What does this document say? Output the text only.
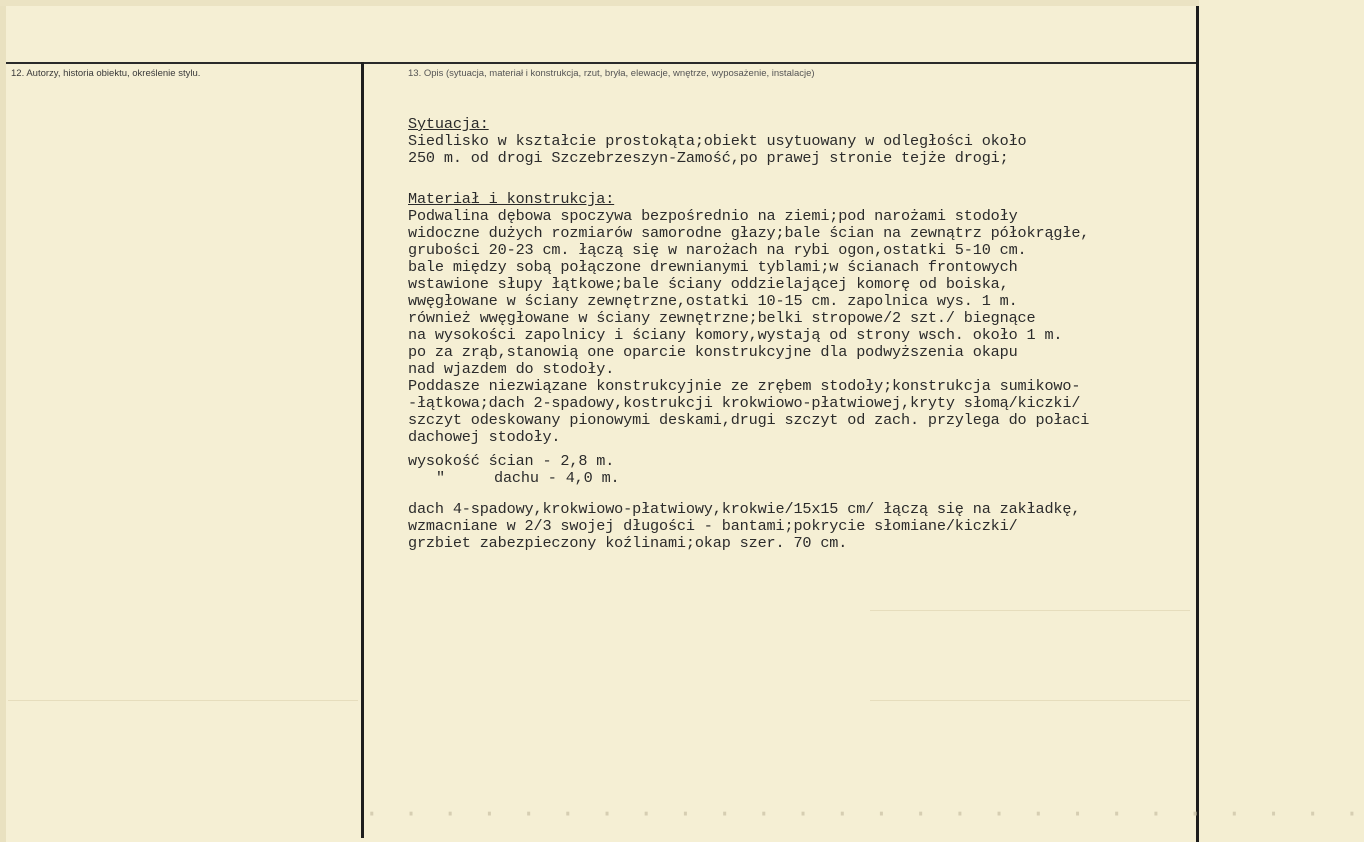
12. Autorzy, historia obiektu, określenie stylu.	13. Opis (sytuacja, materiał i konstrukcja, rzut, bryła, elewacje, wnętrze, wyposażenie, instalacje)
Sytuacja:
Siedlisko w kształcie prostokąta;obiekt usytuowany w odległości około
250 m. od drogi Szczebrzeszyn-Zamość,po prawej stronie tejże drogi;
Materiał i konstrukcja:
Podwalina dębowa spoczywa bezpośrednio na ziemi;pod narożami stodoły
widoczne dużych rozmiarów samorodne głazy;bale ścian na zewnątrz półokrągłe,
grubości 20-23 cm. łączą się w narożach na rybi ogon,ostatki 5-10 cm.
bale między sobą połączone drewnianymi tyblami;w ścianach frontowych
wstawione słupy łątkowe;bale ściany oddzielającej komorę od boiska,
wwęgłowane w ściany zewnętrzne,ostatki 10-15 cm. zapolnica wys. 1 m.
również wwęgłowane w ściany zewnętrzne;belki stropowe/2 szt./ biegnące
na wysokości zapolnicy i ściany komory,wystają od strony wsch. około 1 m.
po za zrąb,stanowią one oparcie konstrukcyjne dla podwyższenia okapu
nad wjazdem do stodoły.
Poddasze niezwiązane konstrukcyjnie ze zrębem stodoły;konstrukcja sumikowo-
-łątkowa;dach 2-spadowy,kostrukcji krokwiowo-płatwiowej,kryty słomą/kiczki/
szczyt odeskowany pionowymi deskami,drugi szczyt od zach. przylega do połaci
dachowej stodoły.
wysokość ścian - 2,8 m.
"	dachu - 4,0 m.
dach 4-spadowy,krokwiowo-płatwiowy,krokwie/15x15 cm/ łączą się na zakładkę,
wzmacniane w 2/3 swojej długości - bantami;pokrycie słomiane/kiczki/
grzbiet zabezpieczony koźlinami;okap szer. 70 cm.
· · · · · · · · · · · · · · · · · · · · · · · · · ·
